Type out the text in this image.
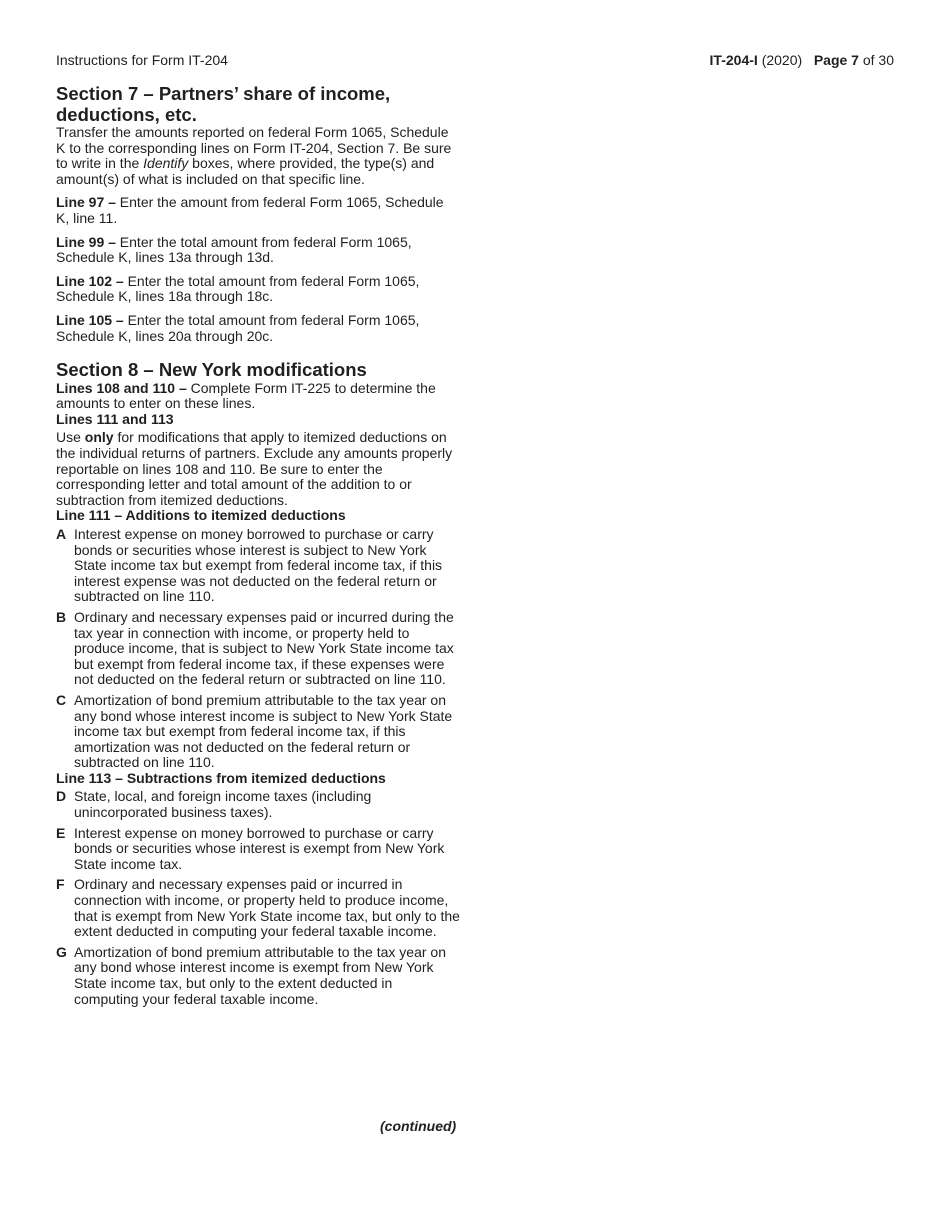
Instructions for Form IT-204	IT-204-I (2020) Page 7 of 30
Section 7 – Partners’ share of income, deductions, etc.

Transfer the amounts reported on federal Form 1065, Schedule K to the corresponding lines on Form IT-204, Section 7. Be sure to write in the Identify boxes, where provided, the type(s) and amount(s) of what is included on that specific line.

Line 97 – Enter the amount from federal Form 1065, Schedule K, line 11.

Line 99 – Enter the total amount from federal Form 1065, Schedule K, lines 13a through 13d.

Line 102 – Enter the total amount from federal Form 1065, Schedule K, lines 18a through 18c.

Line 105 – Enter the total amount from federal Form 1065, Schedule K, lines 20a through 20c.

Section 8 – New York modifications

Lines 108 and 110 – Complete Form IT-225 to determine the amounts to enter on these lines.

Lines 111 and 113

Use only for modifications that apply to itemized deductions on the individual returns of partners. Exclude any amounts properly reportable on lines 108 and 110. Be sure to enter the corresponding letter and total amount of the addition to or subtraction from itemized deductions.

Line 111 – Additions to itemized deductions

A Interest expense on money borrowed to purchase or carry bonds or securities whose interest is subject to New York State income tax but exempt from federal income tax, if this interest expense was not deducted on the federal return or subtracted on line 110.
B Ordinary and necessary expenses paid or incurred during the tax year in connection with income, or property held to produce income, that is subject to New York State income tax but exempt from federal income tax, if these expenses were not deducted on the federal return or subtracted on line 110.
C Amortization of bond premium attributable to the tax year on any bond whose interest income is subject to New York State income tax but exempt from federal income tax, if this amortization was not deducted on the federal return or subtracted on line 110.

Line 113 – Subtractions from itemized deductions

D State, local, and foreign income taxes (including unincorporated business taxes).
E Interest expense on money borrowed to purchase or carry bonds or securities whose interest is exempt from New York State income tax.
F Ordinary and necessary expenses paid or incurred in connection with income, or property held to produce income, that is exempt from New York State income tax, but only to the extent deducted in computing your federal taxable income.
G Amortization of bond premium attributable to the tax year on any bond whose interest income is exempt from New York State income tax, but only to the extent deducted in computing your federal taxable income.
(continued)
